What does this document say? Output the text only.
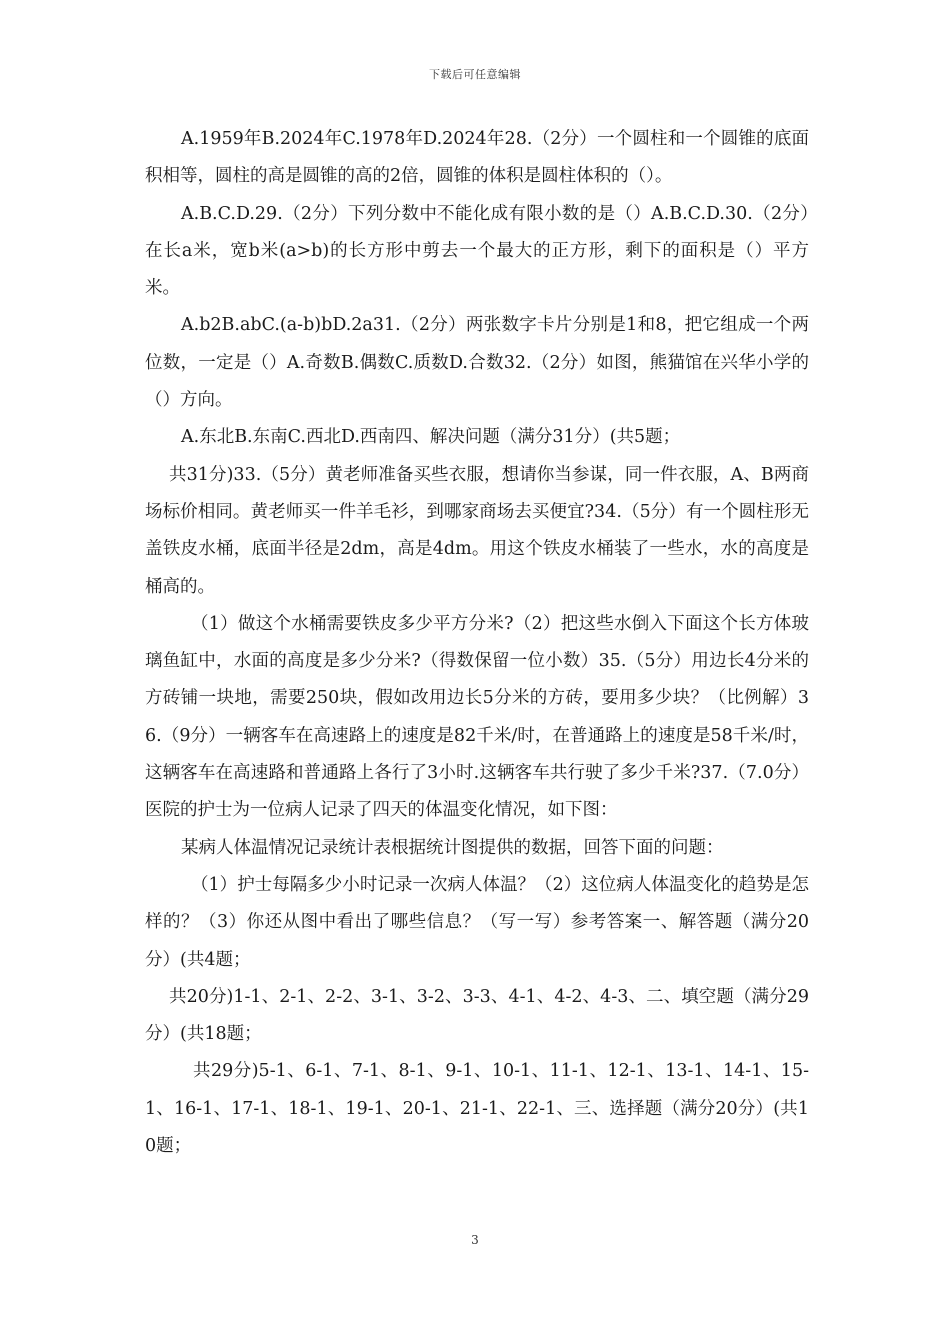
下载后可任意编辑

A.1959年B.2024年C.1978年D.2024年28.（2分）一个圆柱和一个圆锥的底面积相等，圆柱的高是圆锥的高的2倍，圆锥的体积是圆柱体积的（）。

A.B.C.D.29.（2分）下列分数中不能化成有限小数的是（）A.B.C.D.30.（2分）在长a米，宽b米(a>b)的长方形中剪去一个最大的正方形，剩下的面积是（）平方米。

A.b2B.abC.(a-b)bD.2a31.（2分）两张数字卡片分别是1和8，把它组成一个两位数，一定是（）A.奇数B.偶数C.质数D.合数32.（2分）如图，熊猫馆在兴华小学的（）方向。

A.东北B.东南C.西北D.西南四、解决问题（满分31分）(共5题；

共31分)33.（5分）黄老师准备买些衣服，想请你当参谋，同一件衣服，A、B两商场标价相同。黄老师买一件羊毛衫，到哪家商场去买便宜?34.（5分）有一个圆柱形无盖铁皮水桶，底面半径是2dm，高是4dm。用这个铁皮水桶装了一些水，水的高度是桶高的。

（1）做这个水桶需要铁皮多少平方分米?（2）把这些水倒入下面这个长方体玻璃鱼缸中，水面的高度是多少分米?（得数保留一位小数）35.（5分）用边长4分米的方砖铺一块地，需要250块，假如改用边长5分米的方砖，要用多少块？（比例解）36.（9分）一辆客车在高速路上的速度是82千米/时，在普通路上的速度是58千米/时，这辆客车在高速路和普通路上各行了3小时.这辆客车共行驶了多少千米?37.（7.0分）医院的护士为一位病人记录了四天的体温变化情况，如下图：

某病人体温情况记录统计表根据统计图提供的数据，回答下面的问题：

（1）护士每隔多少小时记录一次病人体温？（2）这位病人体温变化的趋势是怎样的？（3）你还从图中看出了哪些信息？（写一写）参考答案一、解答题（满分20分）(共4题；

共20分)1-1、2-1、2-2、3-1、3-2、3-3、4-1、4-2、4-3、二、填空题（满分29分）(共18题；

共29分)5-1、6-1、7-1、8-1、9-1、10-1、11-1、12-1、13-1、14-1、15-1、16-1、17-1、18-1、19-1、20-1、21-1、22-1、三、选择题（满分20分）(共10题；

3
